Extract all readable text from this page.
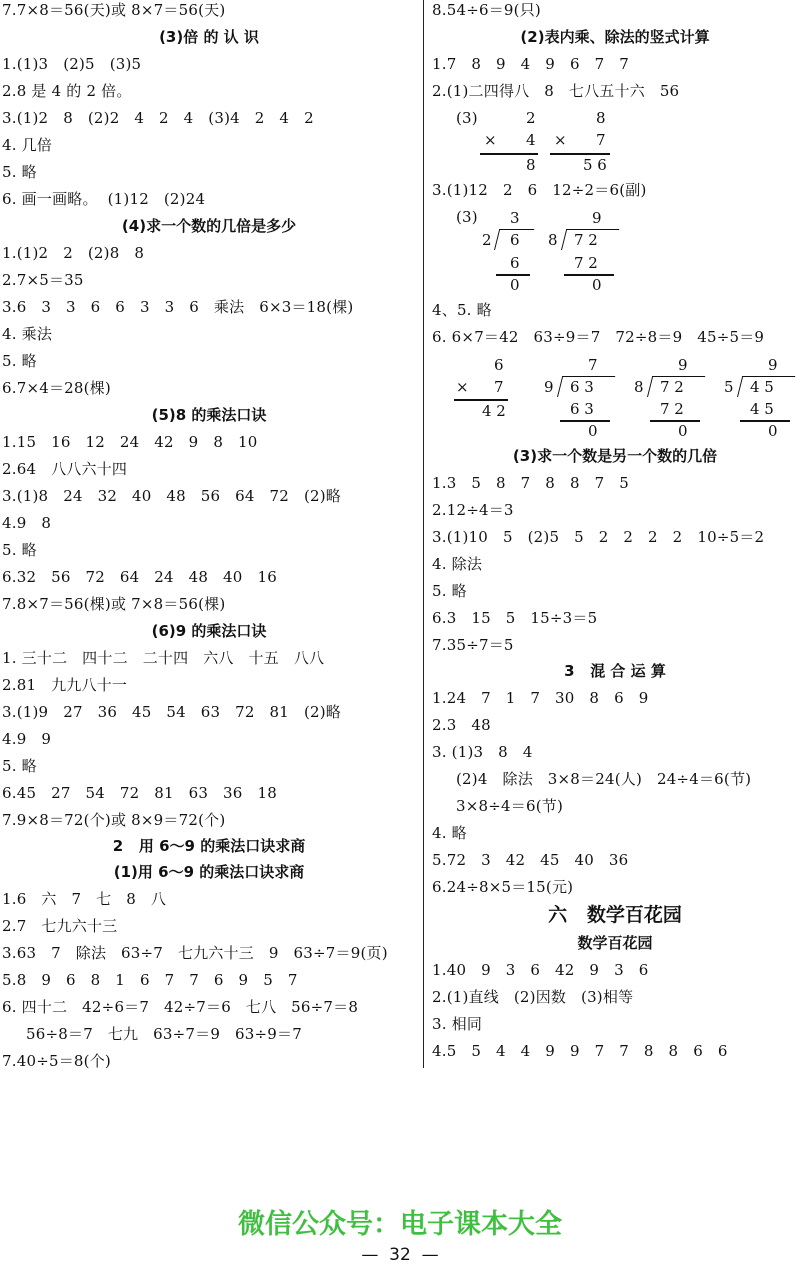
7.7×8＝56(天)或 8×7＝56(天)
(3)倍 的 认 识
1.(1)3   (2)5   (3)5
2.8 是 4 的 2 倍。
3.(1)2   8   (2)2   4   2   4   (3)4   2   4   2
4. 几倍
5. 略
6. 画一画略。  (1)12   (2)24
(4)求一个数的几倍是多少
1.(1)2   2   (2)8   8
2.7×5＝35
3.6   3   3   6   6   3   3   6   乘法   6×3＝18(棵)
4. 乘法
5. 略
6.7×4＝28(棵)
(5)8 的乘法口诀
1.15   16   12   24   42   9   8   10
2.64   八八六十四
3.(1)8   24   32   40   48   56   64   72   (2)略
4.9   8
5. 略
6.32   56   72   64   24   48   40   16
7.8×7＝56(棵)或 7×8＝56(棵)
(6)9 的乘法口诀
1. 三十二   四十二   二十四   六八   十五   八八
2.81   九九八十一
3.(1)9   27   36   45   54   63   72   81   (2)略
4.9   9
5. 略
6.45   27   54   72   81   63   36   18
7.9×8＝72(个)或 8×9＝72(个)
2   用 6～9 的乘法口诀求商
(1)用 6～9 的乘法口诀求商
1.6   六   7   七   8   八
2.7   七九六十三
3.63   7   除法   63÷7   七九六十三   9   63÷7＝9(页)
5.8   9   6   8   1   6   7   7   6   9   5   7
6. 四十二   42÷6＝7   42÷7＝6   七八   56÷7＝8
56÷8＝7   七九   63÷7＝9   63÷9＝7
7.40÷5＝8(个)
8.54÷6＝9(只)
(2)表内乘、除法的竖式计算
1.7   8   9   4   9   6   7   7
2.(1)二四得八   8   七八五十六   56
(3)	2
× 4
8
8
× 7
5 6
3.(1)12   2   6   12÷2＝6(副)
(3) 3
2 6
6
0
9
8 7 2
7 2
0
4、5. 略
6. 6×7＝42   63÷9＝7   72÷8＝9   45÷5＝9
6
× 7
4 2
7
9 6 3
6 3
0
9
8 7 2
7 2
0
9
5 4 5
4 5
0
(3)求一个数是另一个数的几倍
1.3   5   8   7   8   8   7   5
2.12÷4＝3
3.(1)10   5   (2)5   5   2   2   2   2   10÷5＝2
4. 除法
5. 略
6.3   15   5   15÷3＝5
7.35÷7＝5
3   混 合 运 算
1.24   7   1   7   30   8   6   9
2.3   48
3. (1)3   8   4
(2)4   除法   3×8＝24(人)   24÷4＝6(节)
3×8÷4＝6(节)
4. 略
5.72   3   42   45   40   36
6.24÷8×5＝15(元)
六   数学百花园
数学百花园
1.40   9   3   6   42   9   3   6
2.(1)直线   (2)因数   (3)相等
3. 相同
4.5   5   4   4   9   9   7   7   8   8   6   6
微信公众号：电子课本大全
—  32  —
